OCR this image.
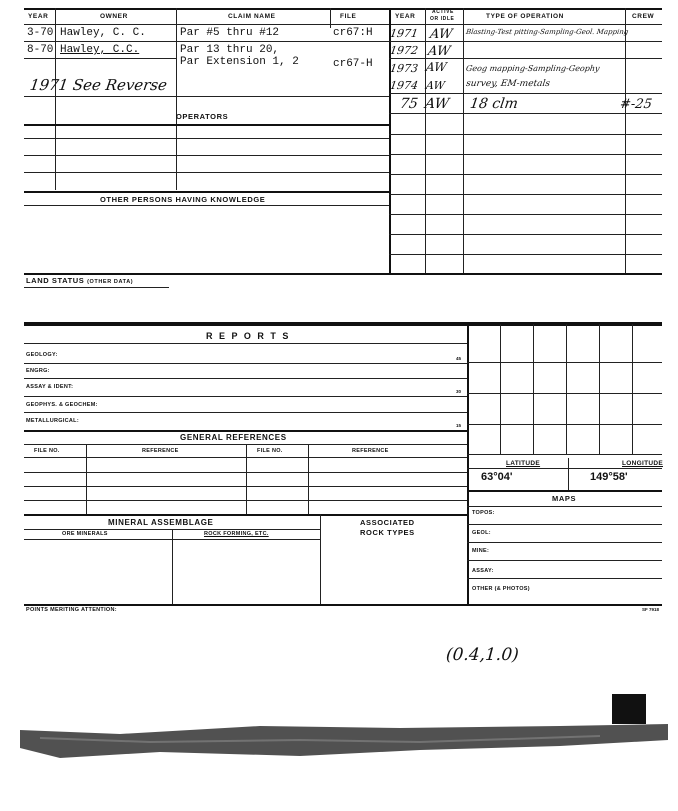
YEAR	OWNER	CLAIM NAME	FILE	YEAR
ACTIVE
OR IDLE	TYPE OF OPERATION	CREW
3-70 Hawley, C. C.	Par #5 thru #12	cr67:H
8-70 Hawley, C.C.	Par 13 thru 20,
Par Extension 1, 2	cr67-H
1971 See Reverse
1971 AW Blasting-Test pitting-Sampling-Geol. Mapping
1972 AW
1973 AW Geog mapping-Sampling-Geophy
1974 AW survey, EM-metals
75 AW 18 clm	#-25
OPERATORS
OTHER PERSONS HAVING KNOWLEDGE
LAND STATUS (OTHER DATA)
R E P O R T S
GEOLOGY:
45
ENGRG:
ASSAY & IDENT:
30
GEOPHYS. & GEOCHEM:
METALLURGICAL:
15
GENERAL REFERENCES
FILE NO.	REFERENCE	FILE NO.	REFERENCE
MINERAL ASSEMBLAGE	ASSOCIATED
ROCK TYPES
ORE MINERALS	ROCK FORMING, ETC.
LATITUDE	LONGITUDE
63°04'	149°58'
MAPS
TOPOS:
GEOL:
MINE:
ASSAY:
OTHER (& PHOTOS)
POINTS MERITING ATTENTION:	SF 7918
(0.4,1.0)
